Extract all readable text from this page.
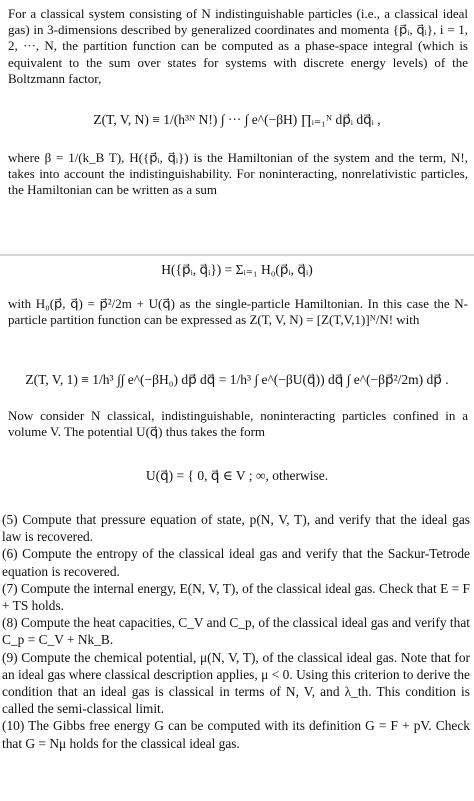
For a classical system consisting of N indistinguishable particles (i.e., a classical ideal gas) in 3-dimensions described by generalized coordinates and momenta {p⃗ᵢ, q⃗ᵢ}, i = 1, 2, ···, N, the partition function can be computed as a phase-space integral (which is equivalent to the sum over states for systems with discrete energy levels) of the Boltzmann factor,

Z(T, V, N) ≡ 1/(h³ᴺ N!) ∫ ··· ∫ e^(−βH) ∏ᵢ₌₁ᴺ dp⃗ᵢ dq⃗ᵢ ,

where β = 1/(k_B T), H({p⃗ᵢ, q⃗ᵢ}) is the Hamiltonian of the system and the term, N!, takes into account the indistinguishability. For noninteracting, nonrelativistic particles, the Hamiltonian can be written as a sum

H({p⃗ᵢ, q⃗ᵢ}) = Σᵢ₌₁ H₀(p⃗ᵢ, q⃗ᵢ)

with H₀(p⃗, q⃗) = p⃗²/2m + U(q⃗) as the single-particle Hamiltonian. In this case the N-particle partition function can be expressed as Z(T, V, N) = [Z(T,V,1)]ᴺ/N! with

Z(T, V, 1) ≡ 1/h³ ∫∫ e^(−βH₀) dp⃗ dq⃗ = 1/h³ ∫ e^(−βU(q⃗)) dq⃗ ∫ e^(−βp⃗²/2m) dp⃗ .

Now consider N classical, indistinguishable, noninteracting particles confined in a volume V. The potential U(q⃗) thus takes the form

U(q⃗) = { 0, q⃗ ∈ V ; ∞, otherwise.

(5) Compute that pressure equation of state, p(N, V, T), and verify that the ideal gas law is recovered.

(6) Compute the entropy of the classical ideal gas and verify that the Sackur-Tetrode equation is recovered.

(7) Compute the internal energy, E(N, V, T), of the classical ideal gas. Check that E = F + TS holds.

(8) Compute the heat capacities, C_V and C_p, of the classical ideal gas and verify that C_p = C_V + Nk_B.

(9) Compute the chemical potential, μ(N, V, T), of the classical ideal gas. Note that for an ideal gas where classical description applies, μ < 0. Using this criterion to derive the condition that an ideal gas is classical in terms of N, V, and λ_th. This condition is called the semi-classical limit.

(10) The Gibbs free energy G can be computed with its definition G = F + pV. Check that G = Nμ holds for the classical ideal gas.
